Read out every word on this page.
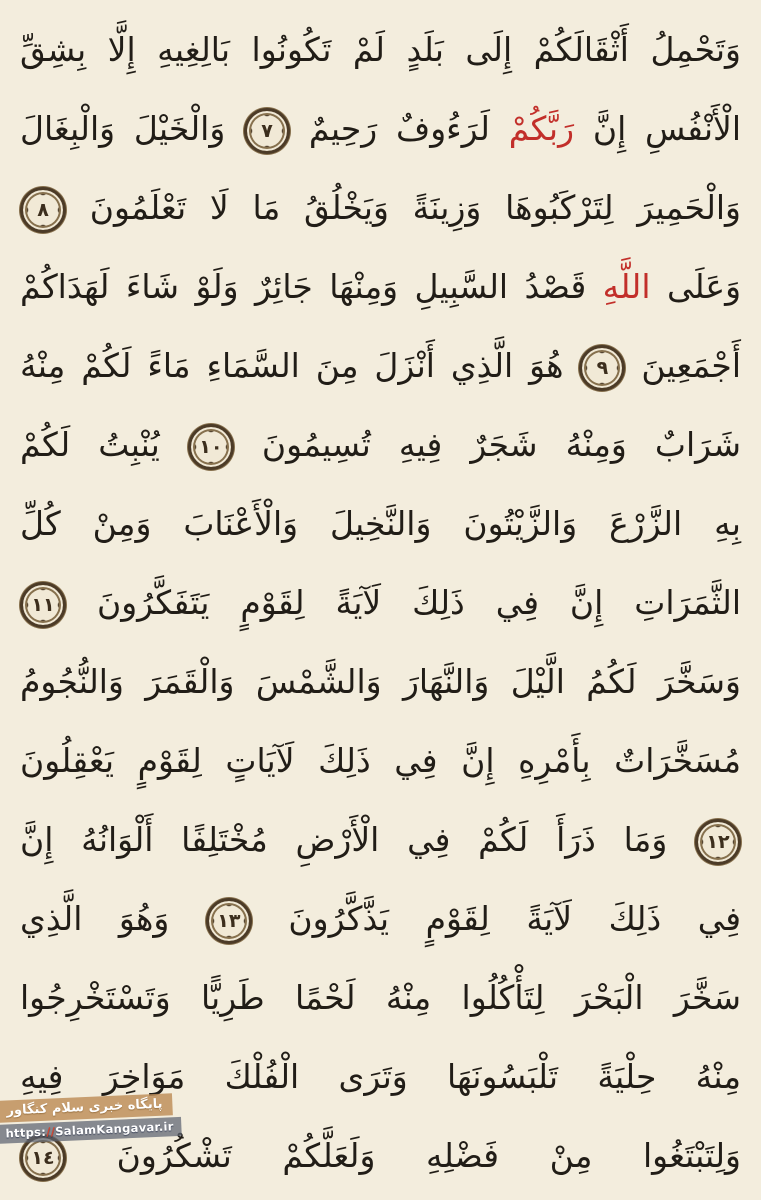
وَتَحْمِلُ أَثْقَالَكُمْ إِلَى بَلَدٍ لَمْ تَكُونُوا بَالِغِيهِ إِلَّا بِشِقِّ
الْأَنْفُسِ إِنَّ رَبَّكُمْ لَرَءُوفٌ رَحِيمٌ
٧
وَالْخَيْلَ وَالْبِغَالَ
وَالْحَمِيرَ لِتَرْكَبُوهَا وَزِينَةً وَيَخْلُقُ مَا لَا تَعْلَمُونَ
٨
وَعَلَى اللَّهِ قَصْدُ السَّبِيلِ وَمِنْهَا جَائِرٌ وَلَوْ شَاءَ لَهَدَاكُمْ
أَجْمَعِينَ
٩
هُوَ الَّذِي أَنْزَلَ مِنَ السَّمَاءِ مَاءً لَكُمْ مِنْهُ
شَرَابٌ وَمِنْهُ شَجَرٌ فِيهِ تُسِيمُونَ
١٠
يُنْبِتُ لَكُمْ
بِهِ الزَّرْعَ وَالزَّيْتُونَ وَالنَّخِيلَ وَالْأَعْنَابَ وَمِنْ كُلِّ
الثَّمَرَاتِ إِنَّ فِي ذَلِكَ لَآيَةً لِقَوْمٍ يَتَفَكَّرُونَ
١١
وَسَخَّرَ لَكُمُ الَّيْلَ وَالنَّهَارَ وَالشَّمْسَ وَالْقَمَرَ وَالنُّجُومُ
مُسَخَّرَاتٌ بِأَمْرِهِ إِنَّ فِي ذَلِكَ لَآيَاتٍ لِقَوْمٍ يَعْقِلُونَ
١٢
وَمَا ذَرَأَ لَكُمْ فِي الْأَرْضِ مُخْتَلِفًا أَلْوَانُهُ إِنَّ
فِي ذَلِكَ لَآيَةً لِقَوْمٍ يَذَّكَّرُونَ
١٣
وَهُوَ الَّذِي
سَخَّرَ الْبَحْرَ لِتَأْكُلُوا مِنْهُ لَحْمًا طَرِيًّا وَتَسْتَخْرِجُوا
مِنْهُ حِلْيَةً تَلْبَسُونَهَا وَتَرَى الْفُلْكَ مَوَاخِرَ فِيهِ
وَلِتَبْتَغُوا مِنْ فَضْلِهِ وَلَعَلَّكُمْ تَشْكُرُونَ
١٤
پایگاه خبری سلام کنگاور
https://SalamKangavar.ir
